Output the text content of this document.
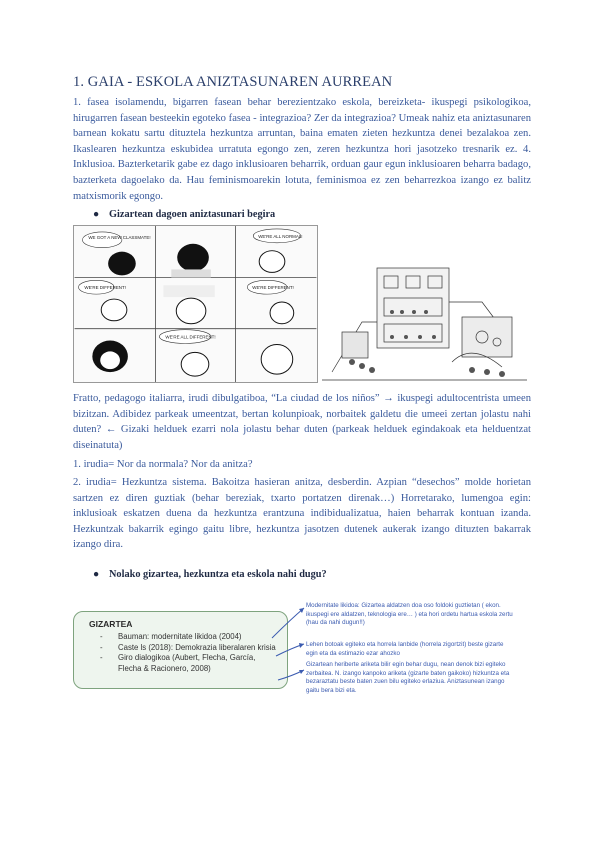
1. GAIA - ESKOLA ANIZTASUNAREN AURREAN
1. fasea isolamendu, bigarren fasean behar berezientzako eskola, bereizketa- ikuspegi psikologikoa, hirugarren fasean besteekin egoteko fasea - integrazioa? Zer da integrazioa? Umeak nahiz eta aniztasunaren barnean kokatu sartu dituztela hezkuntza arruntan, baina ematen zieten hezkuntza denei bezalakoa zen. Ikaslearen hezkuntza eskubidea urratuta egongo zen, zeren hezkuntza hori jasotzeko tresnarik ez. 4. Inklusioa. Bazterketarik gabe ez dago inklusioaren beharrik, orduan gaur egun inklusioaren beharra badago, bazterketa dagoelako da. Hau feminismoarekin lotuta, feminismoa ez zen beharrezkoa izango ez balitz matxismorik egongo.
● Gizartean dagoen aniztasunari begira
WE GOT A NEW CLASSMATE!	WE'RE ALL NORMAL!
WE'RE DIFFERENT!	WE'RE DIFFERENT!
WE'RE ALL DIFFERENT!
Fratto, pedagogo italiarra, irudi dibulgatiboa, “La ciudad de los niños” → ikuspegi adultocentrista umeen bizitzan. Adibidez parkeak umeentzat, bertan kolunpioak, norbaitek galdetu die umeei zertan jolastu nahi duten? ← Gizaki helduek ezarri nola jolastu behar duten (parkeak helduek egindakoak eta helduentzat diseinatuta)
1. irudia= Nor da normala? Nor da anitza?
2. irudia= Hezkuntza sistema. Bakoitza hasieran anitza, desberdin. Azpian “desechos” molde horietan sartzen ez diren guztiak (behar bereziak, txarto portatzen direnak…) Horretarako, lumengoa egin: inklusioak eskatzen duena da hezkuntza erantzuna indibidualizatua, haien beharrak kontuan izanda. Hezkuntzak bakarrik egingo gaitu libre, hezkuntza jasotzen dutenek aukerak izango dituzten bakarrak izango dira.
● Nolako gizartea, hezkuntza eta eskola nahi dugu?
GIZARTEA
- Bauman: modernitate likidoa (2004)
- Caste ls (2018): Demokrazia liberalaren krisia
- Giro dialogikoa (Aubert, Flecha, García, Flecha & Racionero, 2008)
Modernitate likidoa: Gizartea aldatzen doa oso foldoki guztietan ( ekon. ikuspegi ere aldatzen, teknologia ere… ) eta hori ordetu hartua eskola zertu (hau da nahi dugun!!)
Lehen botoak egiteko eta horrela lanbide (horrela zigortzit) beste gizarte egin eta da estimazio ezar ahozko
Gizartean heriberte ariketa bilir egin behar dugu, nean denok bizi egiteko zerbaitea. N. izango kanpoko ariketa (gizarte baten gaikoko) hizkuntza eta bezaraztatu beste baten zuen bilu egiteko erlaziua. Aniztasunean izango gaitu bera bizi eta.
